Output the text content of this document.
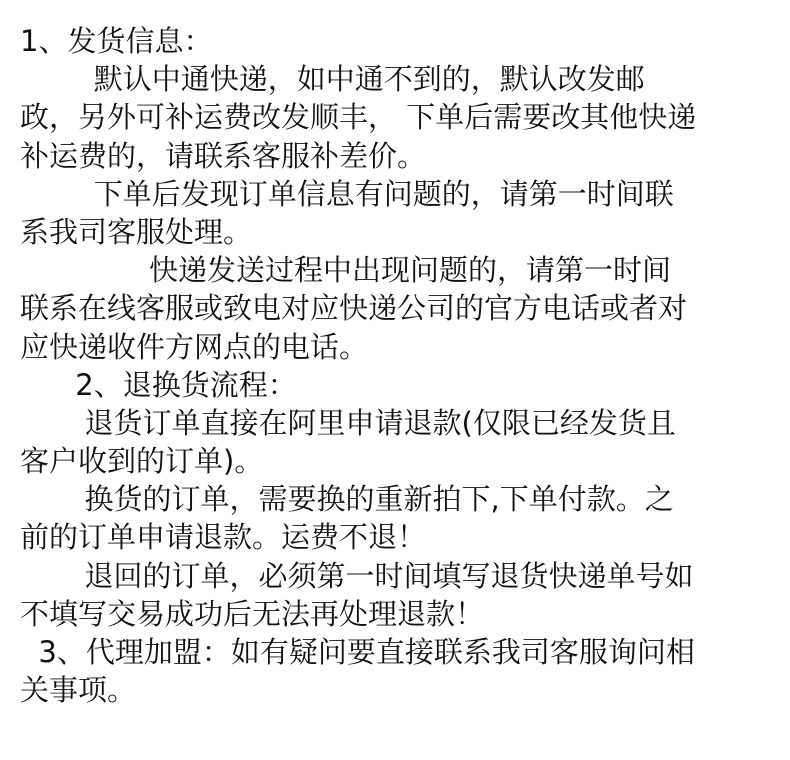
1、发货信息：
默认中通快递，如中通不到的，默认改发邮
政，另外可补运费改发顺丰， 下单后需要改其他快递
补运费的，请联系客服补差价。
下单后发现订单信息有问题的，请第一时间联
系我司客服处理。
快递发送过程中出现问题的，请第一时间
联系在线客服或致电对应快递公司的官方电话或者对
应快递收件方网点的电话。
2、退换货流程：
退货订单直接在阿里申请退款(仅限已经发货且
客户收到的订单)。
换货的订单，需要换的重新拍下,下单付款。之
前的订单申请退款。运费不退！
退回的订单，必须第一时间填写退货快递单号如
不填写交易成功后无法再处理退款！
3、代理加盟：如有疑问要直接联系我司客服询问相
关事项。
